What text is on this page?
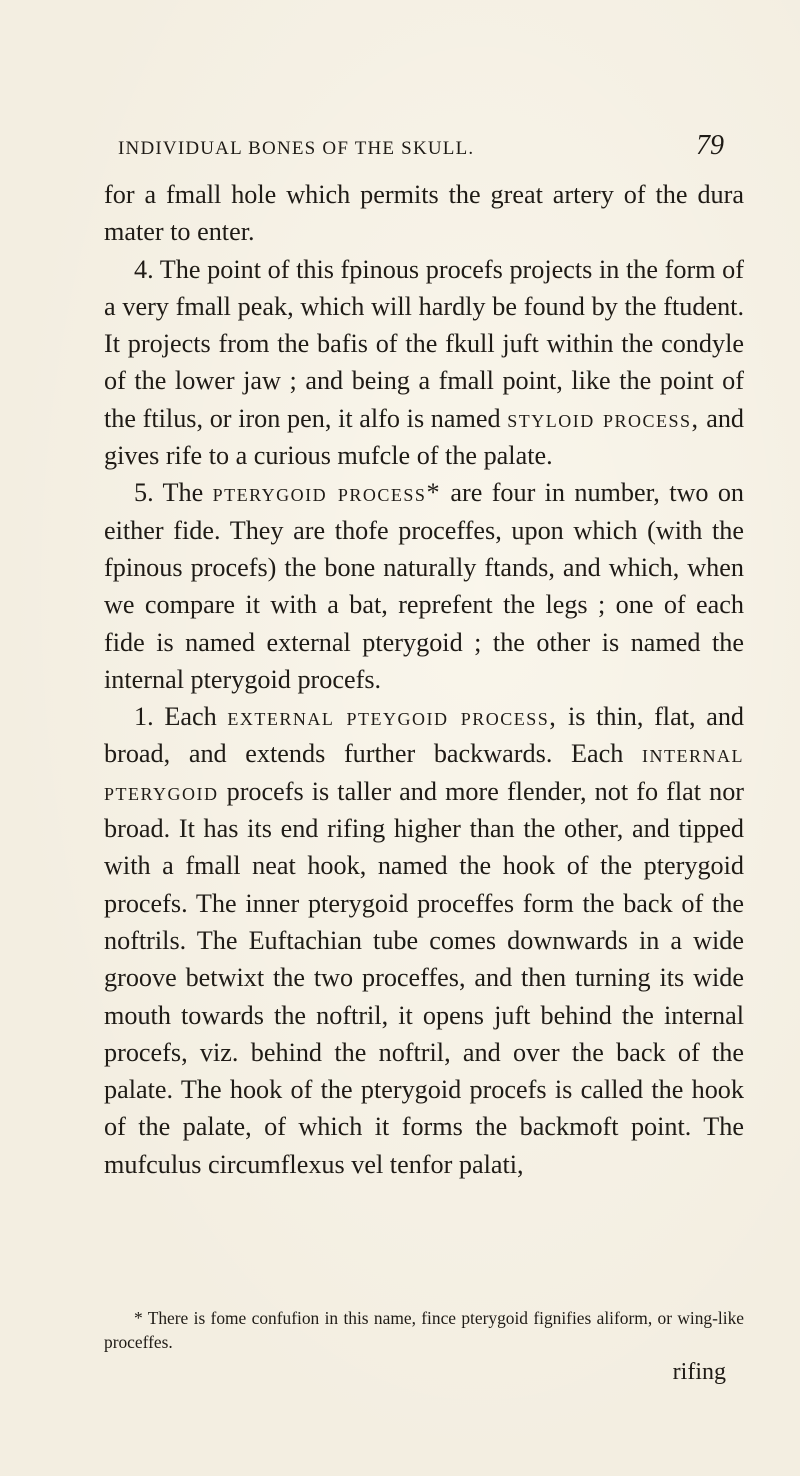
INDIVIDUAL BONES OF THE SKULL.	79

for a fmall hole which permits the great artery of the dura mater to enter.

4. The point of this fpinous procefs projects in the form of a very fmall peak, which will hardly be found by the ftudent. It projects from the bafis of the fkull juft within the condyle of the lower jaw ; and being a fmall point, like the point of the ftilus, or iron pen, it alfo is named styloid process, and gives rife to a curious mufcle of the palate.

5. The pterygoid process* are four in number, two on either fide. They are thofe proceffes, upon which (with the fpinous procefs) the bone naturally ftands, and which, when we compare it with a bat, reprefent the legs ; one of each fide is named external pterygoid ; the other is named the internal pterygoid procefs.

1. Each external pteygoid process, is thin, flat, and broad, and extends further backwards. Each internal pterygoid procefs is taller and more flender, not fo flat nor broad. It has its end rifing higher than the other, and tipped with a fmall neat hook, named the hook of the pterygoid procefs. The inner pterygoid proceffes form the back of the noftrils. The Euftachian tube comes downwards in a wide groove betwixt the two proceffes, and then turning its wide mouth towards the noftril, it opens juft behind the internal procefs, viz. behind the noftril, and over the back of the palate. The hook of the pterygoid procefs is called the hook of the palate, of which it forms the backmoft point. The mufculus circumflexus vel tenfor palati,

* There is fome confufion in this name, fince pterygoid fignifies aliform, or wing-like proceffes.

rifing
